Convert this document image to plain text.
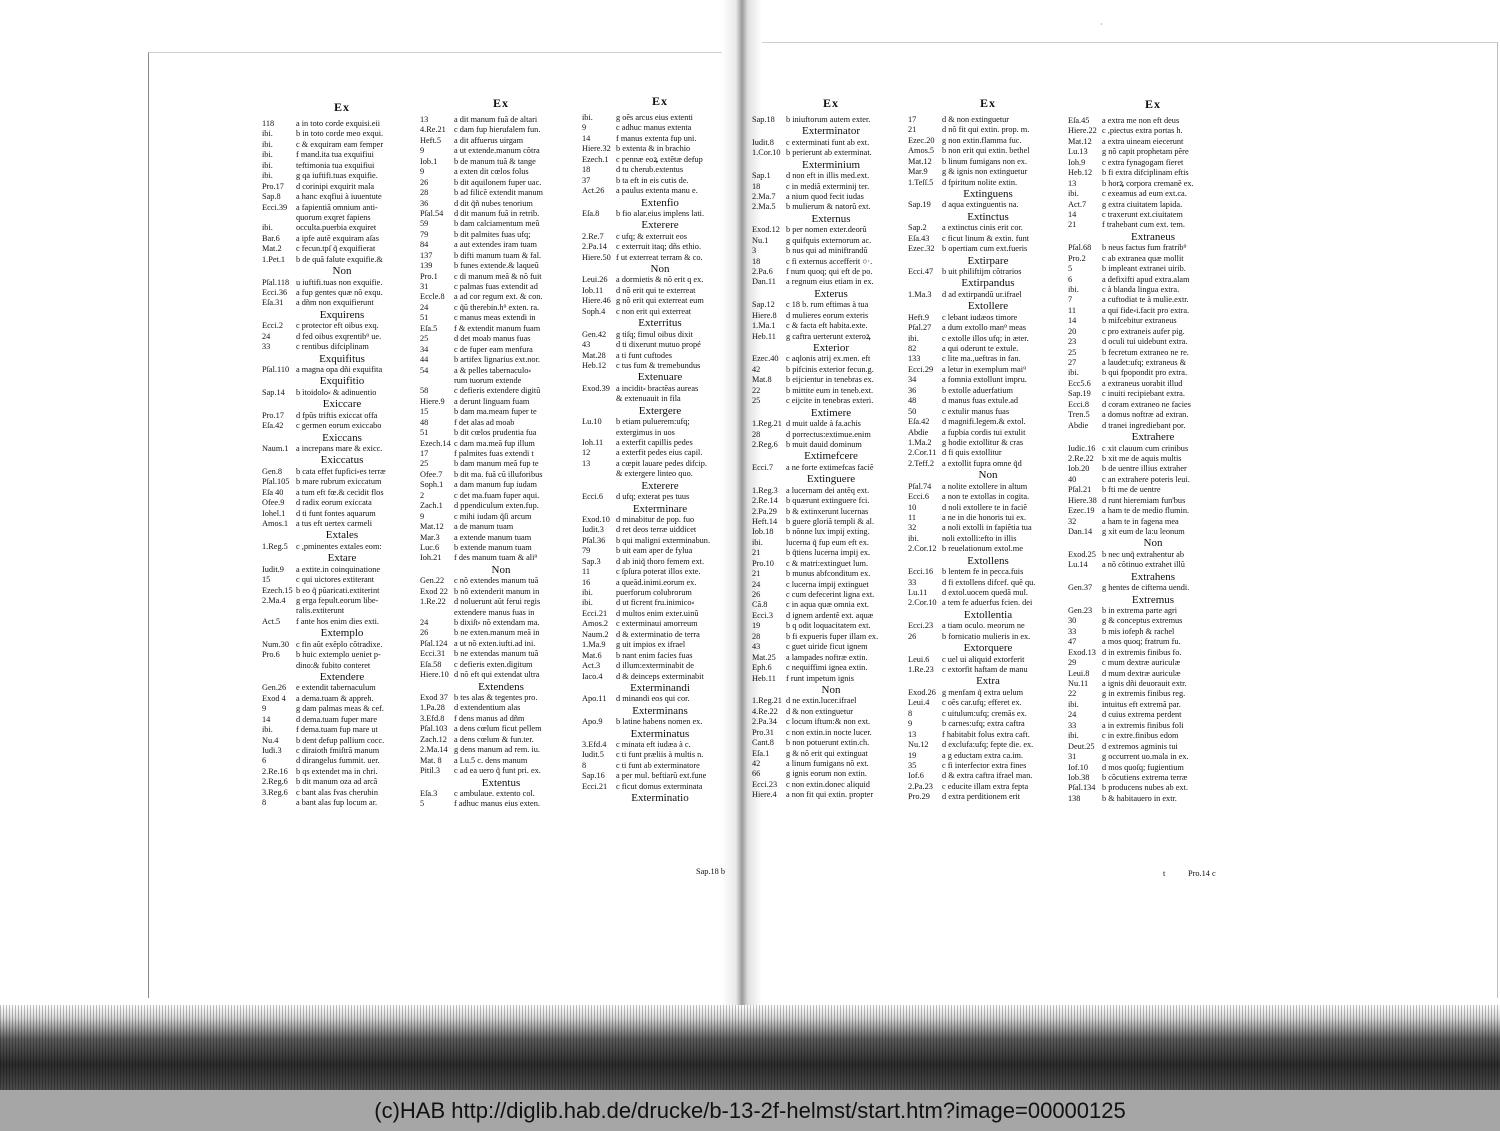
Ex
118	a in toto corde exquisi.eii
ibi.	b in toto corde meo exqui.
ibi.	c & exquiram eam femper
ibi.	f mand.ita tua exquifiui
ibi.	teftimonia tua exquifiui
ibi.	g qa iuftifi.tuas exquifie.
Pro.17 d corinipi exquirit mala
Sap.8 a hanc exqfiui à iuuentute
Ecci.39 a fapientiã omnium anti-
quorum exqret fapiens
ibi.	occulta.puerbia exquiret
Bar.6 a ipfe autẽ exquiram aſas
Mat.2 c fecun.tpſ q̃ exquifierat
1.Pet.1 b de quã falute exquifie.&
Non
Pſal.118 u iuftifi.tuas non exquifie.
Ecci.36 a fup gentes quæ nõ exqu.
Eſa.31 a dñm non exquifierunt
Exquirens
Ecci.2 c protector eft oibus exq.
24	d fed oibus exqrentib⁹ ue.
33	c rentibus difciplinam
Exquifitus
Pſal.110 a magna opa dñi exquifita
Exquifitio
Sap.14 b ìtoidolo⸗ & adinuentio
Exiccare
Pro.17 d fpũs triftis exiccat offa
Eſa.42 c germen eorum exiccabo
Exiccans
Naum.1 a increpans mare & exicc.
Exiccatus
Gen.8 b cata effet fupfici⸗es terræ
Pſal.105 b mare rubrum exiccatum
Eſa 40 a tum eft fœ.& cecidit flos
Ofee.9 d radix eorum exiccata
Iohel.1 d ti funt fontes aquarum
Amos.1 a tus eft uertex carmeli
Extales
1.Reg.5 c ,pminentes extales eom:
Extare
Iudit.9 a extite.in coinquinatione
15	c qui uictores extiterant
Ezech.15 b eo q̃ pũaricati.extiterint
2.Ma.4 g erga fepult.eorum libe-
ralis.extiterunt
Act.5 f ante hos enim dies exti.
Extemplo
Num.30 c fin aũt exẽplo cõtradixe.
Pro.6 b huic extemplo ueniet p-
dino:& fubito conteret
Extendere
Gen.26 e extendit tabernaculum
Exod 4 a dema.tuam & appreh.
9	g dam palmas meas & cef.
14	d dema.tuam fuper mare
ibi.	f dema.tuam fup mare ut
Nu.4 b dent defup pallium cocc.
Iudi.3 c diraioth fmiſtrã manum
6	d dirangelus fummit. uer.
2.Re.16 b qs extendet ma in chri.
2.Reg.6 b dit manum oza ad arcã
3.Reg.6 c bant alas fvas cherubin
8	a bant alas fup locum ar.
Ex
13	a dit manum fuã de altari
4.Re.21 c dam fup hierufalem fun.
Heft.5 a dit affuerus uirgam
9	a ut extende.manum cõtra
Iob.1 b de manum tuã & tange
9	a exten dit cœlos folus
26	b dit aquilonem fuper uac.
28	b ad filicẽ extendit manum
36	d dit q̃ñ nubes tenorium
Pſal.54 d dit manum fuã in retrib.
59	b dam calciamentum meũ
79	b dit palmites fuas ufq;
84	a aut extendes iram tuam
137	b difti manum tuam & fal.
139	b funes extende.& laqueũ
Pro.1 c di manum meã & nõ fuit
31	c palmas fuas extendit ad
Eccle.8 a ad cor regum ext. & con.
24	c q̃ũ therebin.h⁹ exten. ra.
51	c manus meas extendi in
Eſa.5 f & extendit manum fuam
25	d det moab manus fuas
34	c de fuper eam menfura
44	b artifex lignarius ext.nor.
54	a & pelles tabernaculo⸗
rum tuorum extende
58	c defieris extendere digitũ
Hiere.9 a derunt linguam fuam
15	b dam ma.meam fuper te
48	f det alas ad moab
51	b dit cœlos prudentia fua
Ezech.14 c dam ma.meã fup illum
17	f palmites fuas extendi t
25	b dam manum meã fup te
Ofee.7 b dit ma. fuã cũ illuforibus
Soph.1 a dam manum fup iudam
2	c det ma.fuam fuper aqui.
Zach.1 d ppendiculum exten.fup.
9	c mihi iudam q̃ſi arcum
Mat.12 a de manum tuam
Mar.3 a extende manum tuam
Luc.6 b extende manum tuam
Ioh.21 f des manum tuam & ali⁹
Non
Gen.22 c nõ extendes manum tuã
Exod 22 b nõ extenderit manum in
1.Re.22 d noluerunt aũt ferui regis
extendere manus fuas in
24	b dixiſt⸗ nõ extendam ma.
26	b ne exten.manum meã in
Pſal.124 a ut nõ exten.iufti.ad ini.
Ecci.31 b ne extendas manum tuã
Eſa.58 c defieris exten.digitum
Hiere.10 d nõ eft qui extendat ultra
Extendens
Exod 37 b tes alas & tegentes pro.
1.Pa.28 d extendentium alas
3.Efd.8 f dens manus ad dñm
Pſal.103 a dens cœlum ficut pellem
Zach.12 a dens cœlum & fun.ter.
2.Ma.14 g dens manum ad rem. iu.
Mat. 8 a Lu.5 c. dens manum
Pitil.3 c ad ea uero q̃ funt pri. ex.
Extentus
Eſa.3 c ambulaue. extento col.
5	f adhuc manus eius exten.
Ex
ibi.	g oẽs arcus eius extenti
9	c adhuc manus extenta
14	f manus extenta fup uni.
Hiere.32 b extenta & in brachio
Ezech.1 c pennæ eoꝝ extẽtæ defup
18	d tu cherub.extentus
37	b ta eft in eis cutis de.
Act.26 a paulus extenta manu e.
Extenfio
Eſa.8 b fio alar.eius implens lati.
Exterere
2.Re.7 c ufq; & exterruit eos
2.Pa.14 c exterruit itaq; dñs ethio.
Hiere.50 f ut exterreat terram & co.
Non
Leui.26 a dormietis & nõ erit q ex.
Iob.11 d nõ erit qui te exterreat
Hiere.46 g nõ erit qui exterreat eum
Soph.4 c non erit qui exterreat
Exterritus
Gen.42 g tiſq; fimul oibus dixit
43	d ti dixerunt mutuo propé
Mat.28 a ti funt cuftodes
Heb.12 c tus fum & tremebundus
Extenuare
Exod.39 a incidit⸗ bractẽas aureas
& extenuauit in fila
Extergere
Lu.10 b etiam puluerem:ufq;
extergimus in uos
Ioh.11 a exterfit capillis pedes
12	a exterfit pedes eius capil.
13	a cœpit lauare pedes difcip.
& extergere linteo quo.
Exterere
Ecci.6 d ufq; exterat pes tuus
Exterminare
Exod.10 d minabitur de pop. fuo
Iudit.3 d ret deos terræ uiddicet
Pſal.36 b qui maligni exterminabun.
79	b uit eam aper de fylua
Sap.3 d ab iniq̃ thoro femem ext.
11	c ſpſura poterat illos exte.
16	a queãd.inimi.eorum ex.
ibi.	puerforum colubrorum
ibi.	d ut ficrent fru.inimico⸗
Ecci.21 d multos enim exter.uinũ
Amos.2 c exterminaui amorreum
Naum.2 d & exterminatio de terra
1.Ma.9 g uit impios ex ifrael
Mat.6 b nant enim facies fuas
Act.3 d illum:exterminabit de
Iaco.4 d & deinceps exterminabit
Exterminandi
Apo.11 d minandi eos qui cor.
Exterminans
Apo.9 b latine habens nomen ex.
Exterminatus
3.Efd.4 c minata eft iudæa à c.
Iudit.5 c ti funt præliis à multis n.
8	c ti funt ab exterminatore
Sap.16 a per mul. beftiarũ ext.fune
Ecci.21 c ficut domus exterminata
Exterminatio
Ex
Sap.18 b iniuftorum autem exter.
Exterminator
Iudit.8 c exterminati funt ab ext.
1.Cor.10 b perierunt ab exterminat.
Exterminium
Sap.1 d non eft in illis med.ext.
18	c in mediã exterminij ter.
2.Ma.7 a nium quod fecit iudas
2.Ma.5 b mulierum & natorũ ext.
Externus
Exod.12 b per nomen exter.deorũ
Nu.1 g quifquis externorum ac.
3	b nus qui ad miniftrandũ
18	c fi externus accefferit ○·.
2.Pa.6 f num quoq; qui eft de po.
Dan.11 a regnum eius etiam in ex.
Exterus
Sap.12 c 18 b. rum eftimas à tua
Hiere.8 d mulieres eorum exteris
1.Ma.1 c & facta eft habita.exte.
Heb.11 g caftra uerterunt exteroꝝ
Exterior
Ezec.40 c aqlonis atrij ex.men. eft
42	b pifcinis exterior fecun.g.
Mat.8 b eijcientur in tenebras ex.
22	b mittite eum in teneb.ext.
25	c eijcite in tenebras exteri.
Extimere
1.Reg.21 d muit ualde à fa.achis
28	d porrectus:extimue.enim
2.Reg.6 b muit dauid dominum
Extimefcere
Ecci.7 a ne forte extimefcas faciẽ
Extinguere
1.Reg.3 a lucernam dei antẽq ext.
2.Re.14 b quærunt extinguere fci.
2.Pa.29 b & extinxerunt lucernas
Heft.14 b guere gloriã templi & al.
Iob.18 b nõnne lux impij exting.
ibi.	lucerna q̃ fup eum eft ex.
21	b q̃tiens lucerna impij ex.
Pro.10 c & matri:extinguet lum.
21	b munus abfconditum ex.
24	c lucerna impij extinguet
26	c cum defecerint ligna ext.
Cã.8 c in aqua quæ omnia ext.
Ecci.3 d ignem ardentẽ ext. aquæ
19	b q odit loquacitatem ext.
28	b fi expueris fuper illam ex.
43	c guet uiride ficut ignem
Mat.25 a lampades noftræ extin.
Eph.6 c nequiffimi ignea extin.
Heb.11 f runt impetum ignis
Non
1.Reg.21 d ne extin.lucer.ifrael
4.Re.22 d & non extinguetur
2.Pa.34 c locum iftum:& non ext.
Pro.31 c non extin.in nocte lucer.
Cant.8 b non potuerunt extin.ch.
Eſa.1 g & nõ erit qui extinguat
42	a linum fumigans nõ ext.
66	g ignis eorum non extin.
Ecci.23 c non extin.donec aliquid
Hiere.4 a non fit qui extin. propter
Ex
17	d & non extinguetur
21	d nõ fit qui extin. prop. m.
Ezec.20 g non extin.flamma fuc.
Amos.5 b non erit qui extin. bethel
Mat.12 b linum fumigans non ex.
Mar.9 g & ignis non extinguetur
1.Teſſ.5 d fpiritum nolite extin.
Extinguens
Sap.19 d aqua extinguentis na.
Extinctus
Sap.2 a extinctus cinis erit cor.
Eſa.43 c ficut linum & extin. funt
Ezec.32 b opertiam cum ext.fueris
Extirpare
Ecci.47 b uit philiftijm cõtrarios
Extirpandus
1.Ma.3 d ad extirpandũ ur.ifrael
Extollere
Heft.9 c lebant iudæos timore
Pſal.27 a dum extollo man⁹ meas
ibi.	c extolle illos ufq; in æter.
82	a qui oderunt te extule.
133	c lite ma.,ueftras in fan.
Ecci.29 a letur in exemplum mai⁹
34	a fomnia extollunt impru.
36	b extolle aduerfatium
48	d manus fuas extule.ad
50	c extulir manus fuas
Eſa.42 d magnifi.legem.& extol.
Abdie a fupbia cordis tui extulit
1.Ma.2 g hodie extollitur & cras
2.Cor.11 d fi quis extollitur
2.Teff.2 a extollit fupra omne q̃d
Non
Pſal.74 a nolite extollere in altum
Ecci.6 a non te extollas in cogita.
10	d noli extollere te in faciẽ
11	a ne in die honoris tui ex.
32	a noli extolli in fapiẽtia tua
ibi.	noli extolli:efto in illis
2.Cor.12 b reuelationum extol.me
Extollens
Ecci.16 b lentem fe in pecca.fuis
33	d fi extollens difcef. quẽ qu.
Lu.11 d extol.uocem quedã mul.
2.Cor.10 a tem fe aduerfus fcien. dei
Extollentia
Ecci.23 a tiam oculo. meorum ne
26	b fornicatio mulieris in ex.
Extorquere
Leui.6 c uel ui aliquid extorferit
1.Re.23 c extorfit haftam de manu
Extra
Exod.26 g menfam q̃ extra uelum
Leui.4 c oẽs car.ufq; efferet ex.
8	c uitulum:ufq; cremãs ex.
9	b carnes:ufq; extra caftra
13	f habitabit folus extra caft.
Nu.12 d exclufa:ufq; fepte die. ex.
19	a g eductam extra ca.im.
35	c fi interfector extra fines
Iof.6 d & extra caftra ifrael man.
2.Pa.23 c educite illam extra fepta
Pro.29 d extra perditionem erit
Ex
Eſa.45 a extra me non eft deus
Hiere.22 c ,piectus extra portas h.
Mat.12 a extra uineam eiecerunt
Lu.13 g nõ capit prophetam pẽre
Ioh.9 c extra fynagogam fieret
Heb.12 b fi extra difciplinam eftis
13	b horꝝ corpora cremanẽ ex.
ibi.	c exeamus ad eum ext.ca.
Act.7 g extra ciuitatem lapida.
14	c traxerunt ext.ciuitatem
21	f trahebant cum ext. tem.
Extraneus
Pſal.68 b neus factus fum fratrib⁹
Pro.2 c ab extranea quæ mollit
5	b impleant extranei uirib.
6	a defixifti apud extra.alam
ibi.	c à blanda lingua extra.
7	a cuftodiat te à mulie.extr.
11	a qui fide⸗i.facit pro extra.
14	b mifcebitur extraneus
20	c pro extraneis aufer pig.
23	d oculi tui uidebunt extra.
25	b fecretum extraneo ne re.
27	a laudet:ufq; extraneus &
ibi.	b qui fpopondit pro extra.
Ecc5.6 a extraneus uorabit illud
Sap.19 c inuiti recipiebant extra.
Ecci.8 d coram extraneo ne facies
Tren.5 a domus noftræ ad extran.
Abdie d tranei ingrediebant por.
Extrahere
Iudic.16 c xit clauum cum crinibus
2.Re.22 b xit me de aquis multis
Iob.20 b de uentre illius extraher
40	c an extrahere poteris leui.
Pſal.21 b fti me de uentre
Hiere.38 d runt hieremiam fun'bus
Ezec.19 a ham te de medio flumin.
32	a ham te in fagena mea
Dan.14 g xit eum de la:u leonum
Non
Exod.25 b nec unq̃ extrahentur ab
Lu.14 a nõ cõtinuo extrahet illũ
Extrahens
Gen.37 g hentes de cifterna uendi.
Extremus
Gen.23 b in extrema parte agri
30	g & conceptus extremus
33	b mis iofeph & rachel
47	a mos quoq; fratrum fu.
Exod.13 d in extremis finibus fo.
29	c mum dextræ auriculæ
Leui.8 d mum dextræ auriculæ
Nu.11 a ignis dñi deuorauit extr.
22	g in extremis finibus reg.
ibi.	intuitus eft extremã par.
24	d cuius extrema perdent
33	a in extremis finibus foli
ibi.	c in extre.finibus edom
Deut.25 d extremos agminis tui
31	g occurrent uo.mala in ex.
Iof.10 d mos quoſq; fugientium
Iob.38 b cõcutiens extrema terræ
Pſal.134 b producens nubes ab ext.
138	b & habitauero in extr.
Sap.18 b	t	Pro.14 c
·
(c)HAB http://diglib.hab.de/drucke/b-13-2f-helmst/start.htm?image=00000125
